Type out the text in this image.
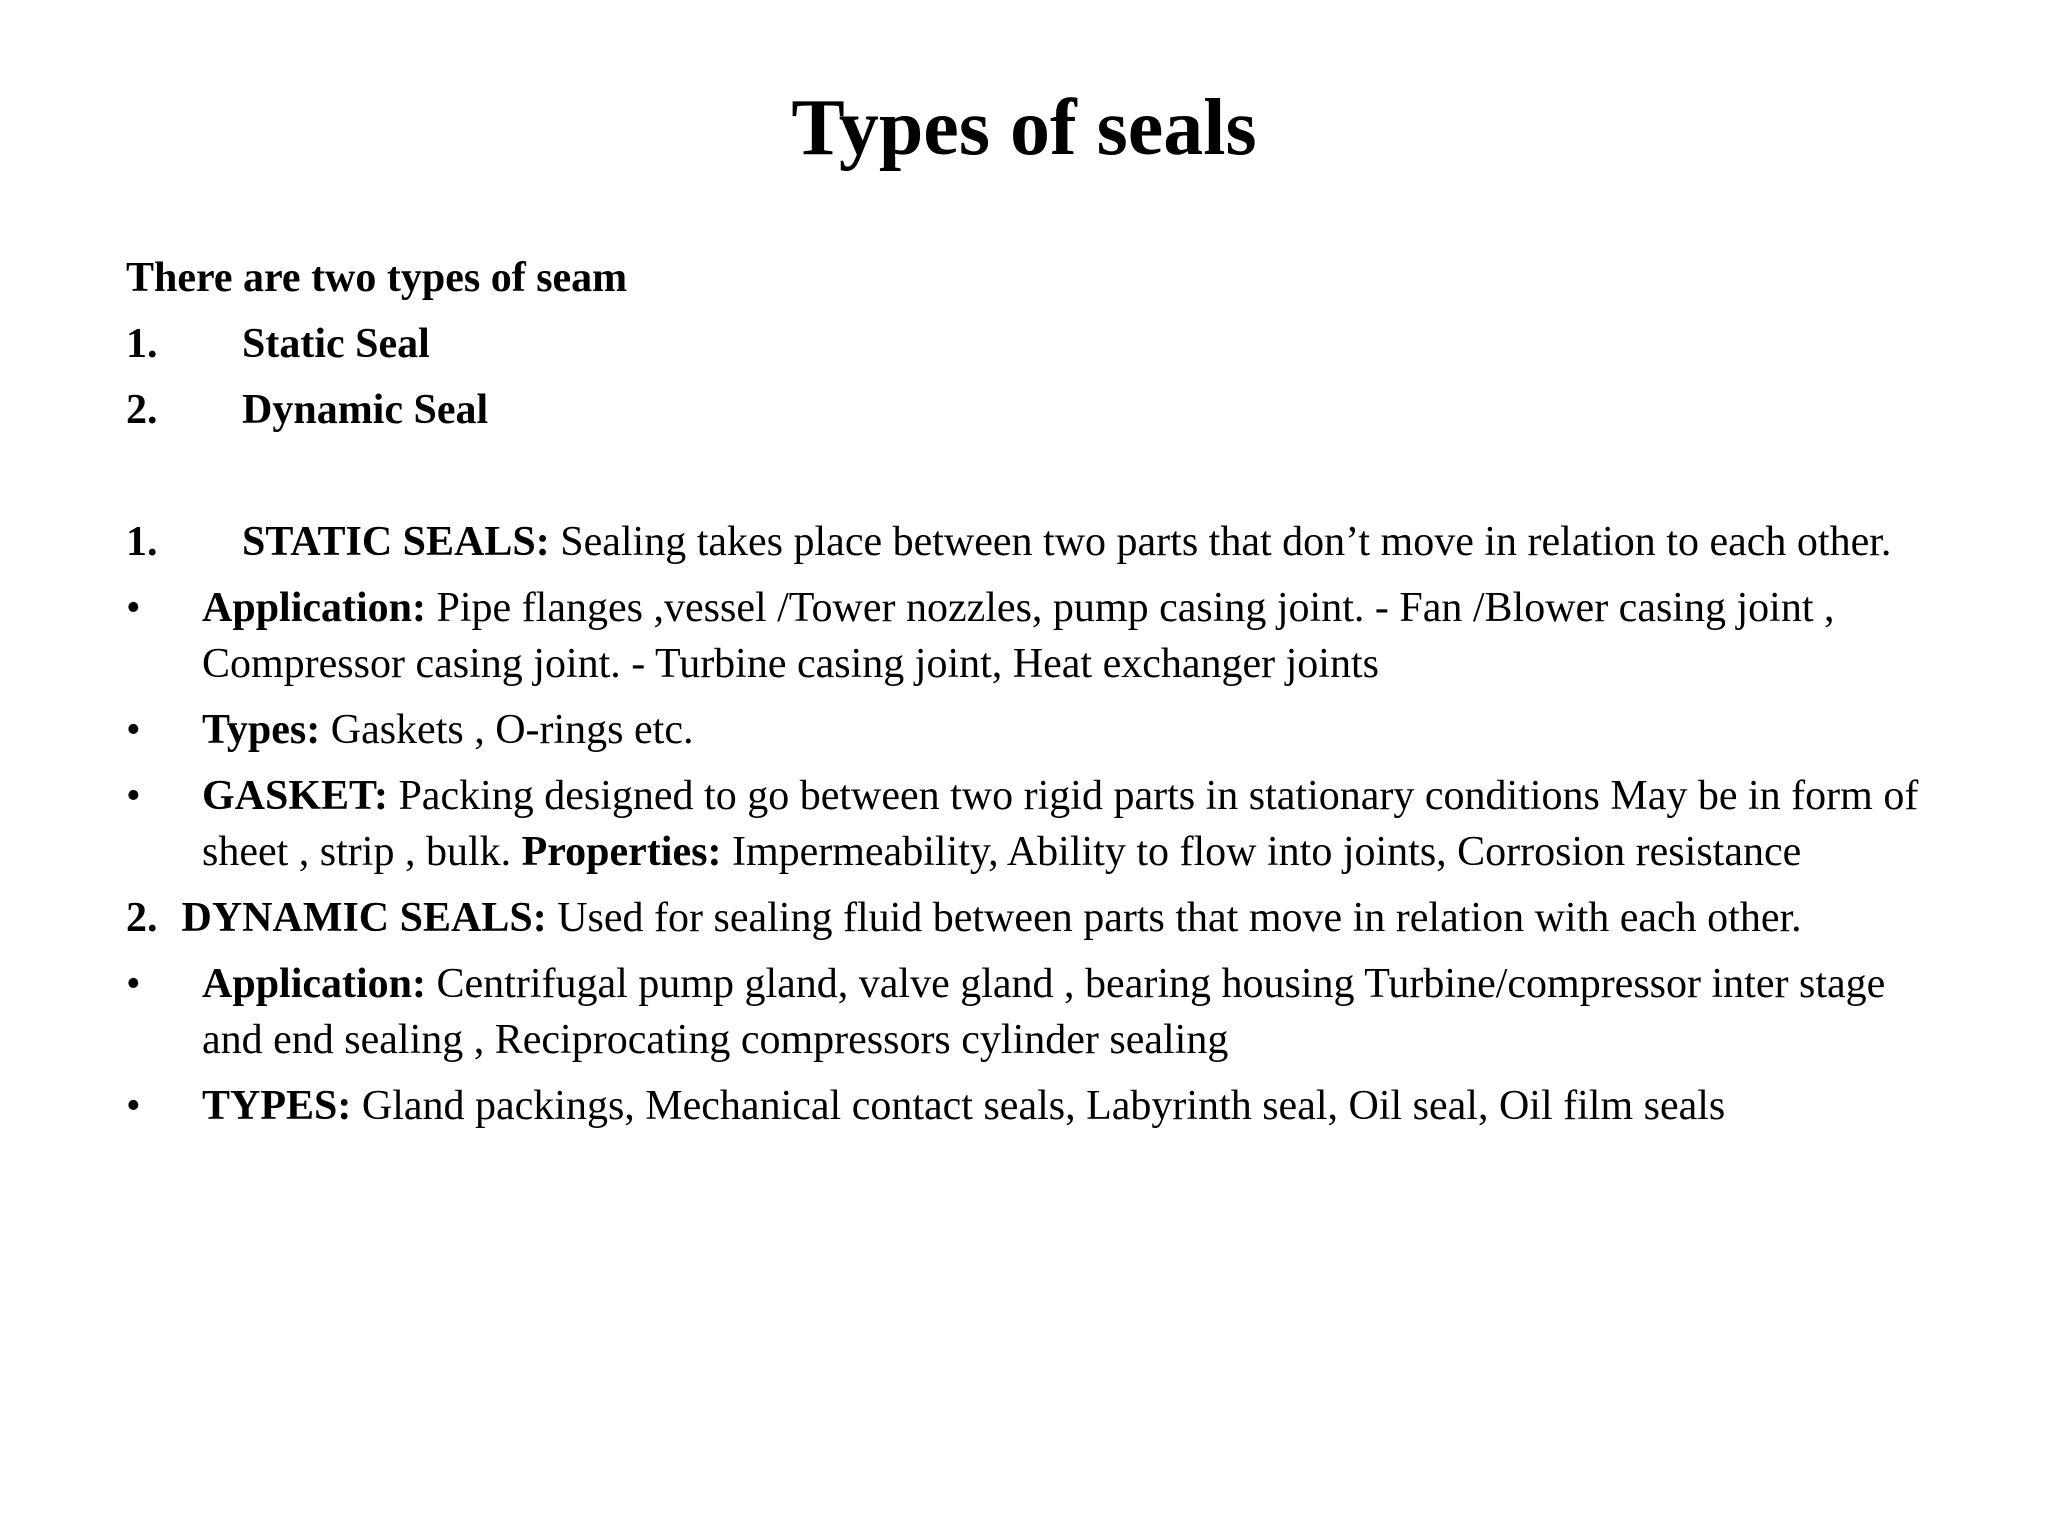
Types of seals

There are two types of seam

1. Static Seal
2. Dynamic Seal
1. STATIC SEALS: Sealing takes place between two parts that don’t move in relation to each other.
• Application: Pipe flanges ,vessel /Tower nozzles, pump casing joint. - Fan /Blower casing joint , Compressor casing joint. - Turbine casing joint, Heat exchanger joints
• Types: Gaskets , O-rings etc.
• GASKET: Packing designed to go between two rigid parts in stationary conditions May be in form of sheet , strip , bulk. Properties: Impermeability, Ability to flow into joints, Corrosion resistance

2. DYNAMIC SEALS: Used for sealing fluid between parts that move in relation with each other.

• Application: Centrifugal pump gland, valve gland , bearing housing Turbine/compressor inter stage and end sealing , Reciprocating compressors cylinder sealing
• TYPES: Gland packings, Mechanical contact seals, Labyrinth seal, Oil seal, Oil film seals
